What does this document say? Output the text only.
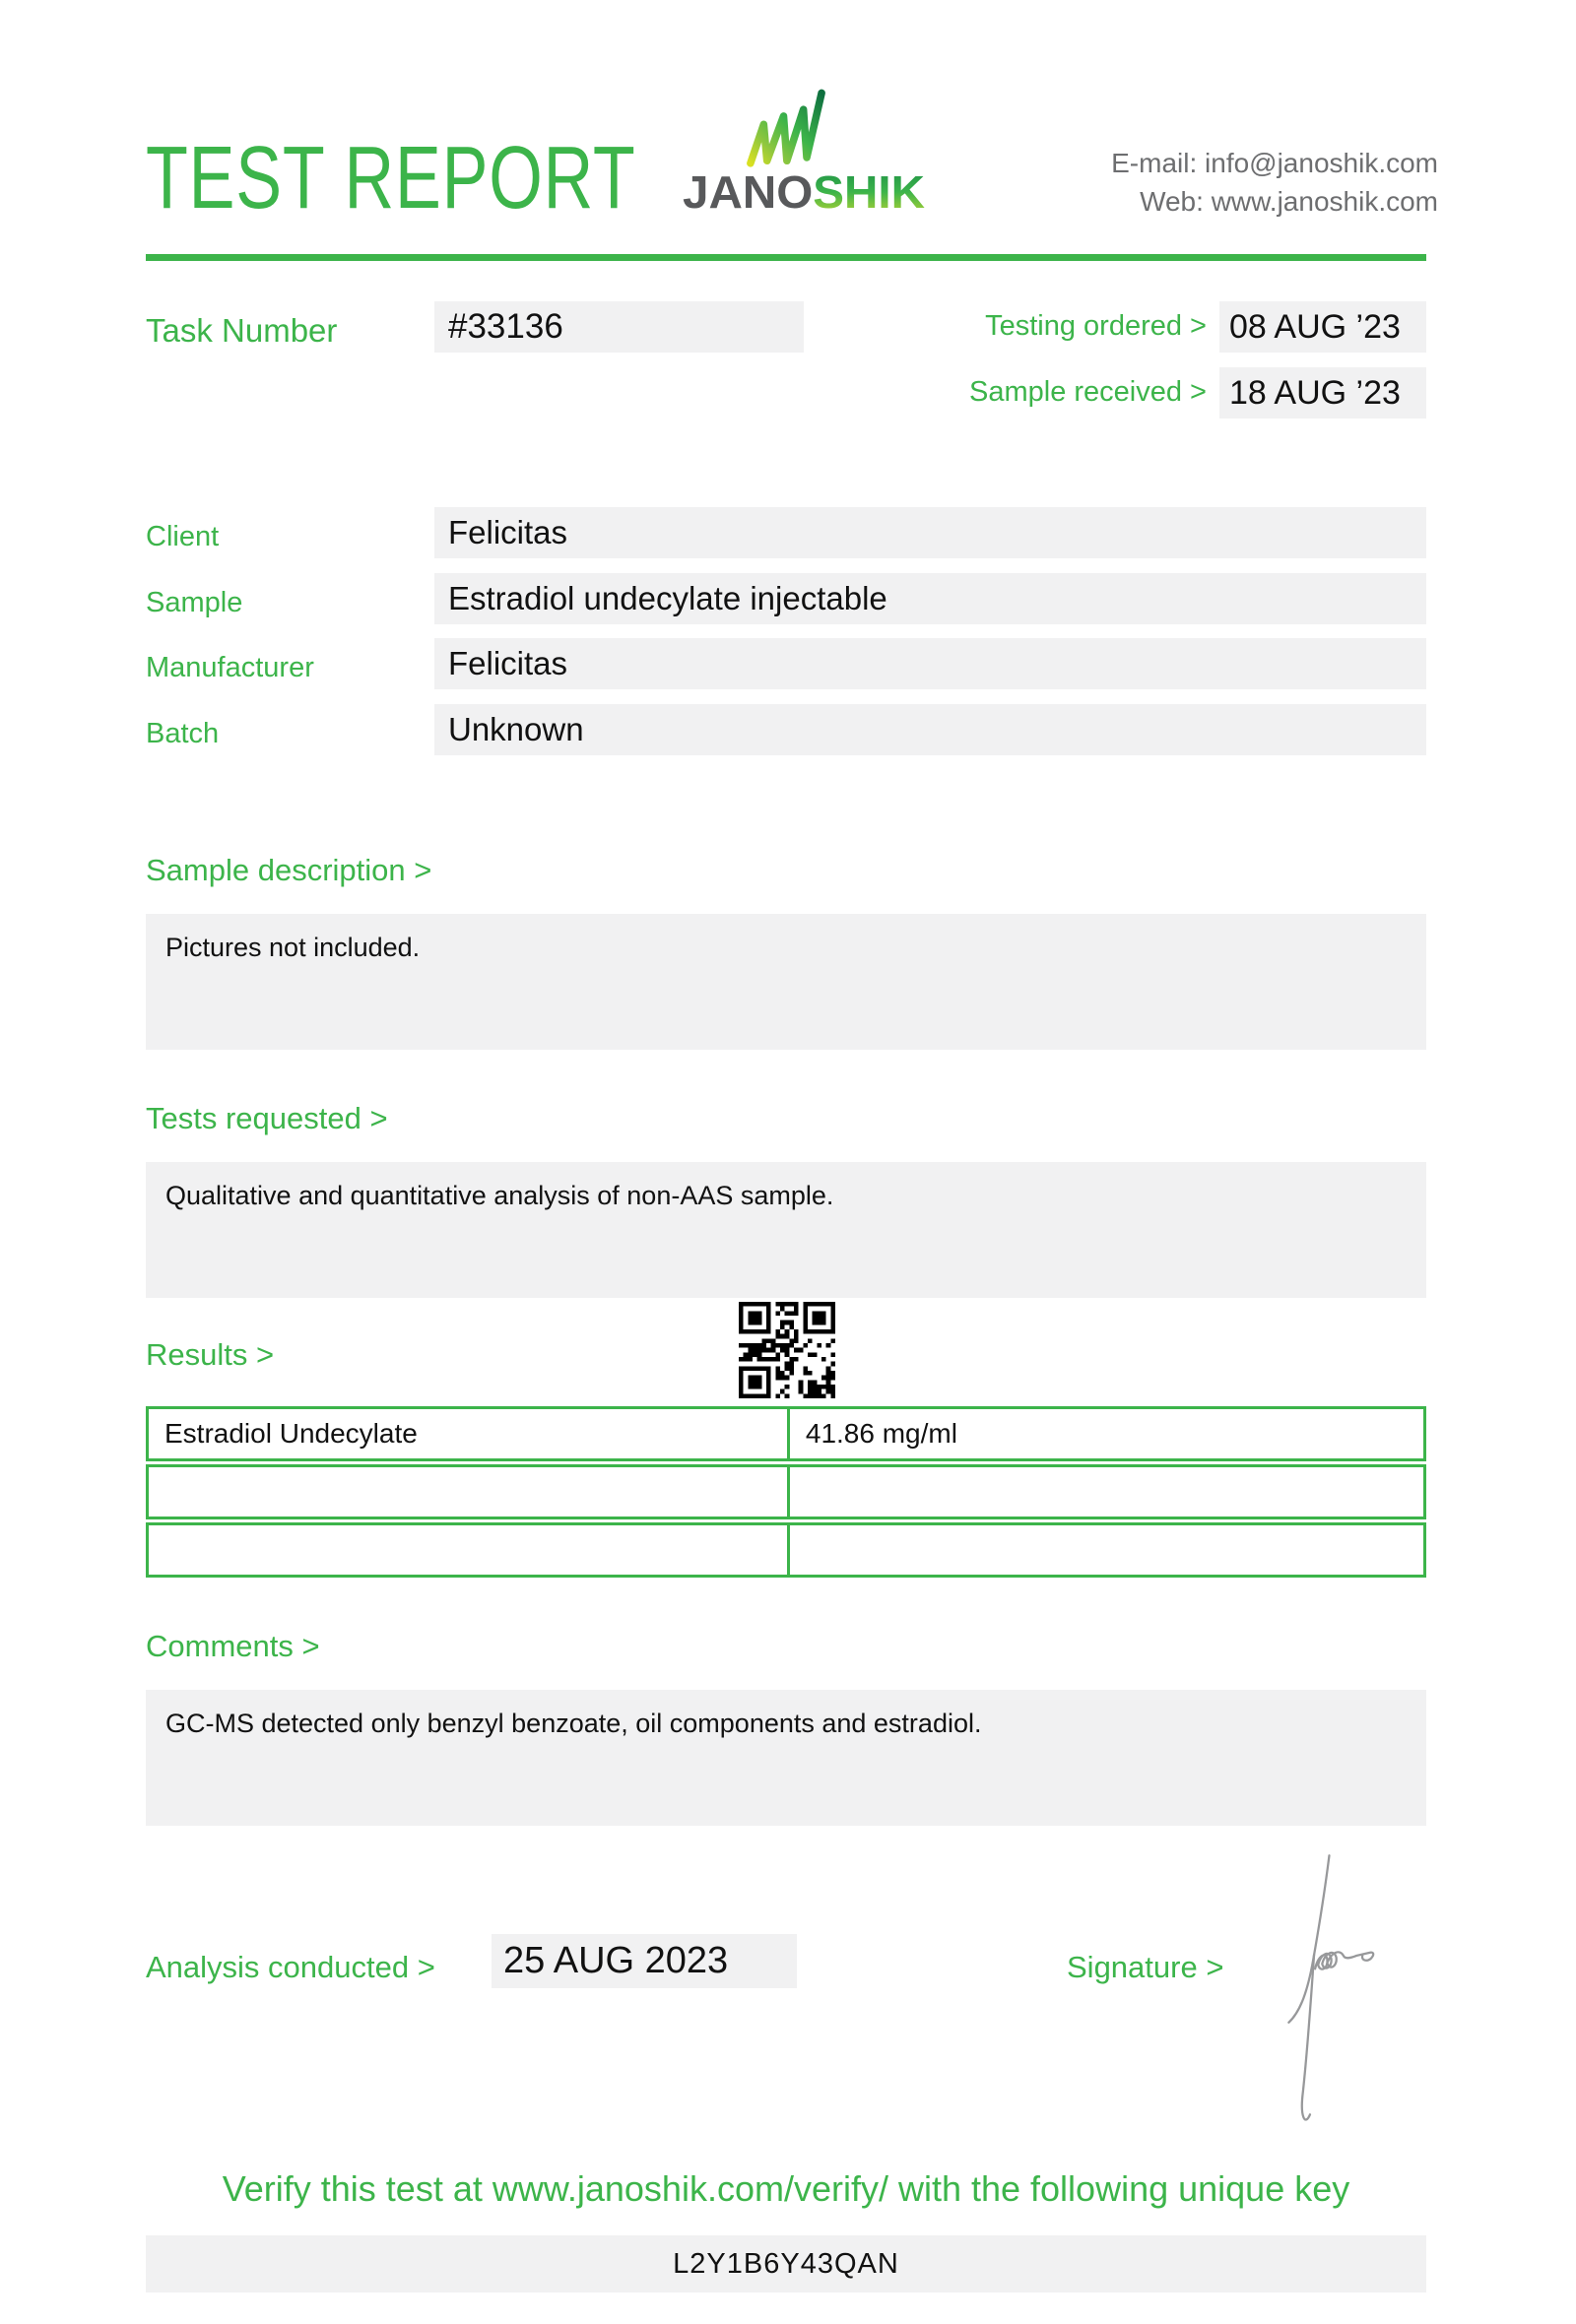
TEST REPORT	JANOSHIK
E-mail: info@janoshik.com
Web: www.janoshik.com
Task Number	#33136	Testing ordered > 08 AUG ’23
Sample received > 18 AUG ’23
Client	Felicitas
Sample	Estradiol undecylate injectable
Manufacturer	Felicitas
Batch	Unknown
Sample description >
Pictures not included.
Tests requested >
Qualitative and quantitative analysis of non-AAS sample.
Results >
Estradiol Undecylate	41.86 mg/ml
Comments >
GC-MS detected only benzyl benzoate, oil components and estradiol.
Analysis conducted >	25 AUG 2023	Signature >
Verify this test at www.janoshik.com/verify/ with the following unique key
L2Y1B6Y43QAN
